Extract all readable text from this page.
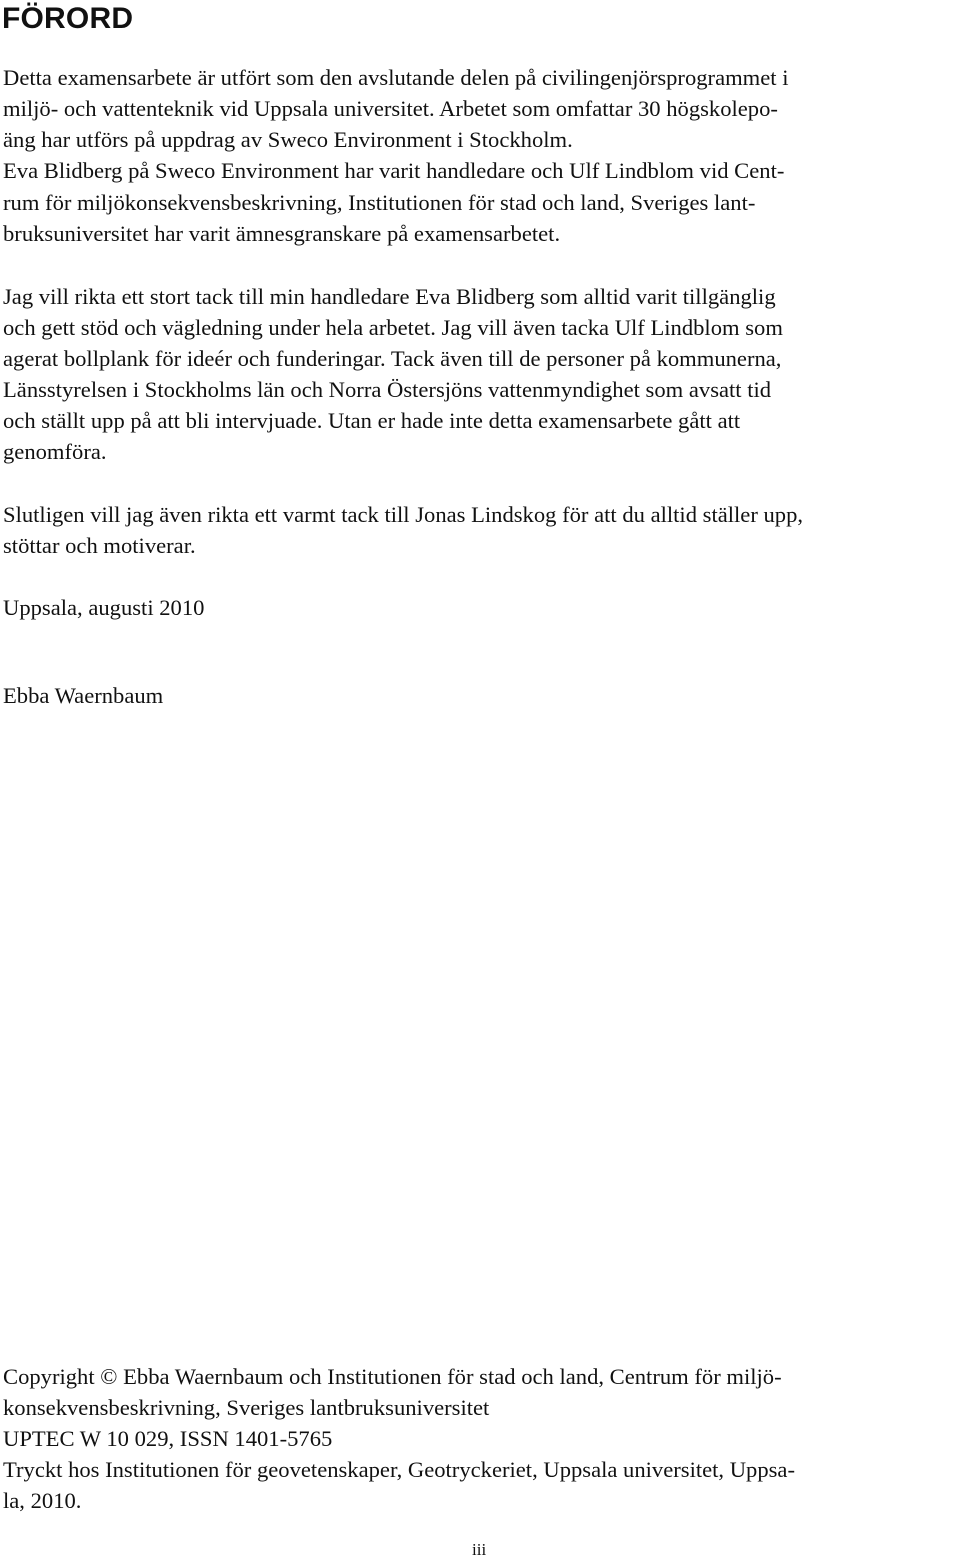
FÖRORD

Detta examensarbete är utfört som den avslutande delen på civilingenjörsprogrammet i

miljö- och vattenteknik vid Uppsala universitet. Arbetet som omfattar 30 högskolepo-

äng har utförs på uppdrag av Sweco Environment i Stockholm.

Eva Blidberg på Sweco Environment har varit handledare och Ulf Lindblom vid Cent-

rum för miljökonsekvensbeskrivning, Institutionen för stad och land, Sveriges lant-

bruksuniversitet har varit ämnesgranskare på examensarbetet.

Jag vill rikta ett stort tack till min handledare Eva Blidberg som alltid varit tillgänglig

och gett stöd och vägledning under hela arbetet. Jag vill även tacka Ulf Lindblom som

agerat bollplank för ideér och funderingar. Tack även till de personer på kommunerna,

Länsstyrelsen i Stockholms län och Norra Östersjöns vattenmyndighet som avsatt tid

och ställt upp på att bli intervjuade. Utan er hade inte detta examensarbete gått att

genomföra.

Slutligen vill jag även rikta ett varmt tack till Jonas Lindskog för att du alltid ställer upp,

stöttar och motiverar.

Uppsala, augusti 2010

Ebba Waernbaum

Copyright © Ebba Waernbaum och Institutionen för stad och land, Centrum för miljö-

konsekvensbeskrivning, Sveriges lantbruksuniversitet

UPTEC W 10 029, ISSN 1401-5765

Tryckt hos Institutionen för geovetenskaper, Geotryckeriet, Uppsala universitet, Uppsa-

la, 2010.

iii
